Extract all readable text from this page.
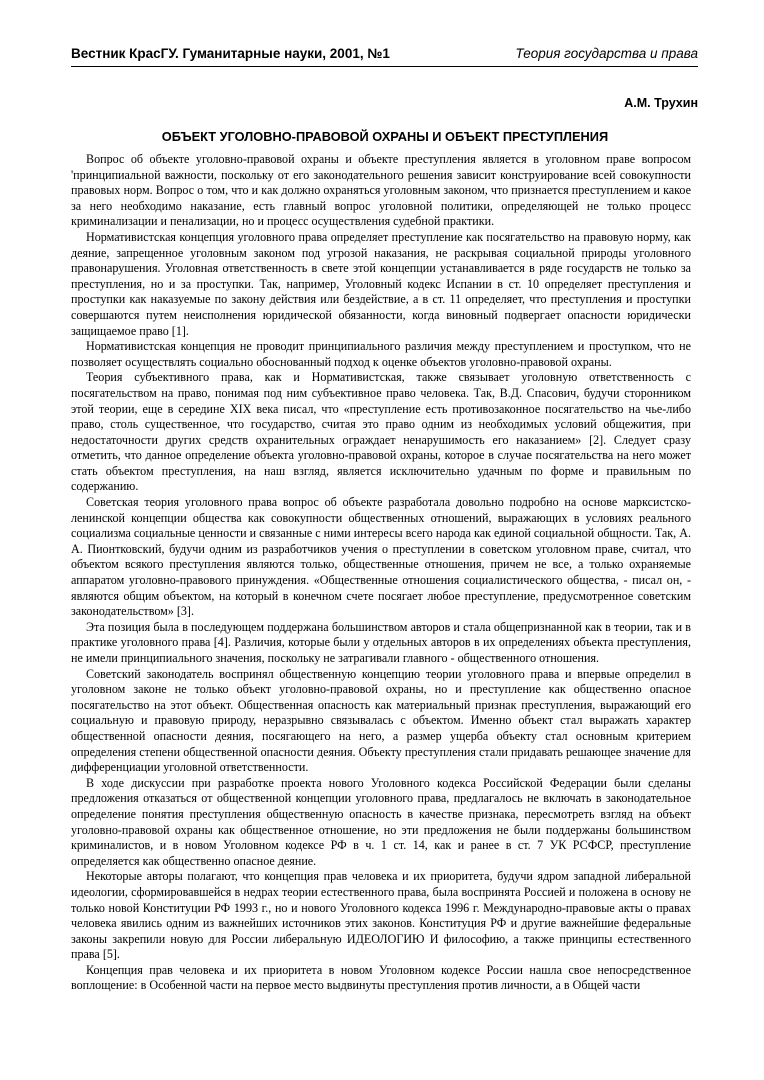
Вестник КрасГУ. Гуманитарные науки, 2001, №1	Теория государства и права
А.М. Трухин
ОБЪЕКТ УГОЛОВНО-ПРАВОВОЙ ОХРАНЫ И ОБЪЕКТ ПРЕСТУПЛЕНИЯ

Вопрос об объекте уголовно-правовой охраны и объекте преступления является в уголовном праве вопросом 'принципиальной важности, поскольку от его законодательного решения зависит конструирование всей совокупности правовых норм. Вопрос о том, что и как должно охраняться уголовным законом, что признается преступлением и какое за него необходимо наказание, есть главный вопрос уголовной политики, определяющей не только процесс криминализации и пенализации, но и процесс осуществления судебной практики.

Нормативистская концепция уголовного права определяет преступление как посягательство на правовую норму, как деяние, запрещенное уголовным законом под угрозой наказания, не раскрывая социальной природы уголовного правонарушения. Уголовная ответственность в свете этой концепции устанавливается в ряде государств не только за преступления, но и за проступки. Так, например, Уголовный кодекс Испании в ст. 10 определяет преступления и проступки как наказуемые по закону действия или бездействие, а в ст. 11 определяет, что преступления и проступки совершаются путем неисполнения юридической обязанности, когда виновный подвергает опасности юридически защищаемое право [1].

Нормативистская концепция не проводит принципиального различия между преступлением и проступком, что не позволяет осуществлять социально обоснованный подход к оценке объектов уголовно-правовой охраны.

Теория субъективного права, как и Нормативистская, также связывает уголовную ответственность с посягательством на право, понимая под ним субъективное право человека. Так, В.Д. Спасович, будучи сторонником этой теории, еще в середине XIX века писал, что «преступление есть противозаконное посягательство на чье-либо право, столь существенное, что государство, считая это право одним из необходимых условий общежития, при недостаточности других средств охранительных ограждает ненарушимость его наказанием» [2]. Следует сразу отметить, что данное определение объекта уголовно-правовой охраны, которое в случае посягательства на него может стать объектом преступления, на наш взгляд, является исключительно удачным по форме и правильным по содержанию.

Советская теория уголовного права вопрос об объекте разработала довольно подробно на основе марксистско-ленинской концепции общества как совокупности общественных отношений, выражающих в условиях реального социализма социальные ценности и связанные с ними интересы всего народа как единой социальной общности. Так, А. А. Пионтковский, будучи одним из разработчиков учения о преступлении в советском уголовном праве, считал, что объектом всякого преступления являются только, общественные отношения, причем не все, а только охраняемые аппаратом уголовно-правового принуждения. «Общественные отношения социалистического общества, - писал он, - являются общим объектом, на который в конечном счете посягает любое преступление, предусмотренное советским законодательством» [3].

Эта позиция была в последующем поддержана большинством авторов и стала общепризнанной как в теории, так и в практике уголовного права [4]. Различия, которые были у отдельных авторов в их определениях объекта преступления, не имели принципиального значения, поскольку не затрагивали главного - общественного отношения.

Советский законодатель воспринял общественную концепцию теории уголовного права и впервые определил в уголовном законе не только объект уголовно-правовой охраны, но и преступление как общественно опасное посягательство на этот объект. Общественная опасность как материальный признак преступления, выражающий его социальную и правовую природу, неразрывно связывалась с объектом. Именно объект стал выражать характер общественной опасности деяния, посягающего на него, а размер ущерба объекту стал основным критерием определения степени общественной опасности деяния. Объекту преступления стали придавать решающее значение для дифференциации уголовной ответственности.

В ходе дискуссии при разработке проекта нового Уголовного кодекса Российской Федерации были сделаны предложения отказаться от общественной концепции уголовного права, предлагалось не включать в законодательное определение понятия преступления общественную опасность в качестве признака, пересмотреть взгляд на объект уголовно-правовой охраны как общественное отношение, но эти предложения не были поддержаны большинством криминалистов, и в новом Уголовном кодексе РФ в ч. 1 ст. 14, как и ранее в ст. 7 УК РСФСР, преступление определяется как общественно опасное деяние.

Некоторые авторы полагают, что концепция прав человека и их приоритета, будучи ядром западной либеральной идеологии, сформировавшейся в недрах теории естественного права, была воспринята Россией и положена в основу не только новой Конституции РФ 1993 г., но и нового Уголовного кодекса 1996 г. Международно-правовые акты о правах человека явились одним из важнейших источников этих законов. Конституция РФ и другие важнейшие федеральные законы закрепили новую для России либеральную ИДЕОЛОГИЮ И философию, а также принципы естественного права [5].

Концепция прав человека и их приоритета в новом Уголовном кодексе России нашла свое непосредственное воплощение: в Особенной части на первое место выдвинуты преступления против личности, а в Общей части
